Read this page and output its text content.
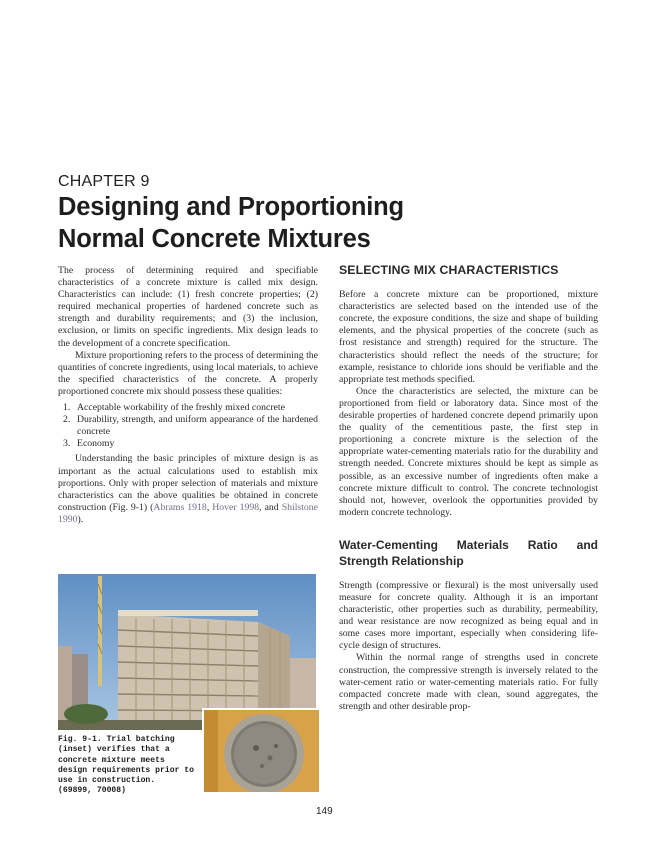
CHAPTER 9
Designing and Proportioning
Normal Concrete Mixtures

The process of determining required and specifiable characteristics of a concrete mixture is called mix design. Characteristics can include: (1) fresh concrete properties; (2) required mechanical properties of hardened concrete such as strength and durability requirements; and (3) the inclusion, exclusion, or limits on specific ingredients. Mix design leads to the development of a concrete specification.

Mixture proportioning refers to the process of determining the quantities of concrete ingredients, using local materials, to achieve the specified characteristics of the concrete. A properly proportioned concrete mix should possess these qualities:

1. Acceptable workability of the freshly mixed concrete
2. Durability, strength, and uniform appearance of the hardened concrete
3. Economy

Understanding the basic principles of mixture design is as important as the actual calculations used to establish mix proportions. Only with proper selection of materials and mixture characteristics can the above qualities be obtained in concrete construction (Fig. 9-1) (Abrams 1918, Hover 1998, and Shilstone 1990).

Fig. 9-1. Trial batching (inset) verifies that a concrete mixture meets design requirements prior to use in construction.
(69899, 70008)
SELECTING MIX CHARACTERISTICS

Before a concrete mixture can be proportioned, mixture characteristics are selected based on the intended use of the concrete, the exposure conditions, the size and shape of building elements, and the physical properties of the concrete (such as frost resistance and strength) required for the structure. The characteristics should reflect the needs of the structure; for example, resistance to chloride ions should be verifiable and the appropriate test methods specified.

Once the characteristics are selected, the mixture can be proportioned from field or laboratory data. Since most of the desirable properties of hardened concrete depend primarily upon the quality of the cementitious paste, the first step in proportioning a concrete mixture is the selection of the appropriate water-cementing materials ratio for the durability and strength needed. Concrete mixtures should be kept as simple as possible, as an excessive number of ingredients often make a concrete mixture difficult to control. The concrete technologist should not, however, overlook the opportunities provided by modern concrete technology.

Water-Cementing Materials Ratio and Strength Relationship

Strength (compressive or flexural) is the most universally used measure for concrete quality. Although it is an important characteristic, other properties such as durability, permeability, and wear resistance are now recognized as being equal and in some cases more important, especially when considering life-cycle design of structures.

Within the normal range of strengths used in concrete construction, the compressive strength is inversely related to the water-cement ratio or water-cementing materials ratio. For fully compacted concrete made with clean, sound aggregates, the strength and other desirable prop-

149
